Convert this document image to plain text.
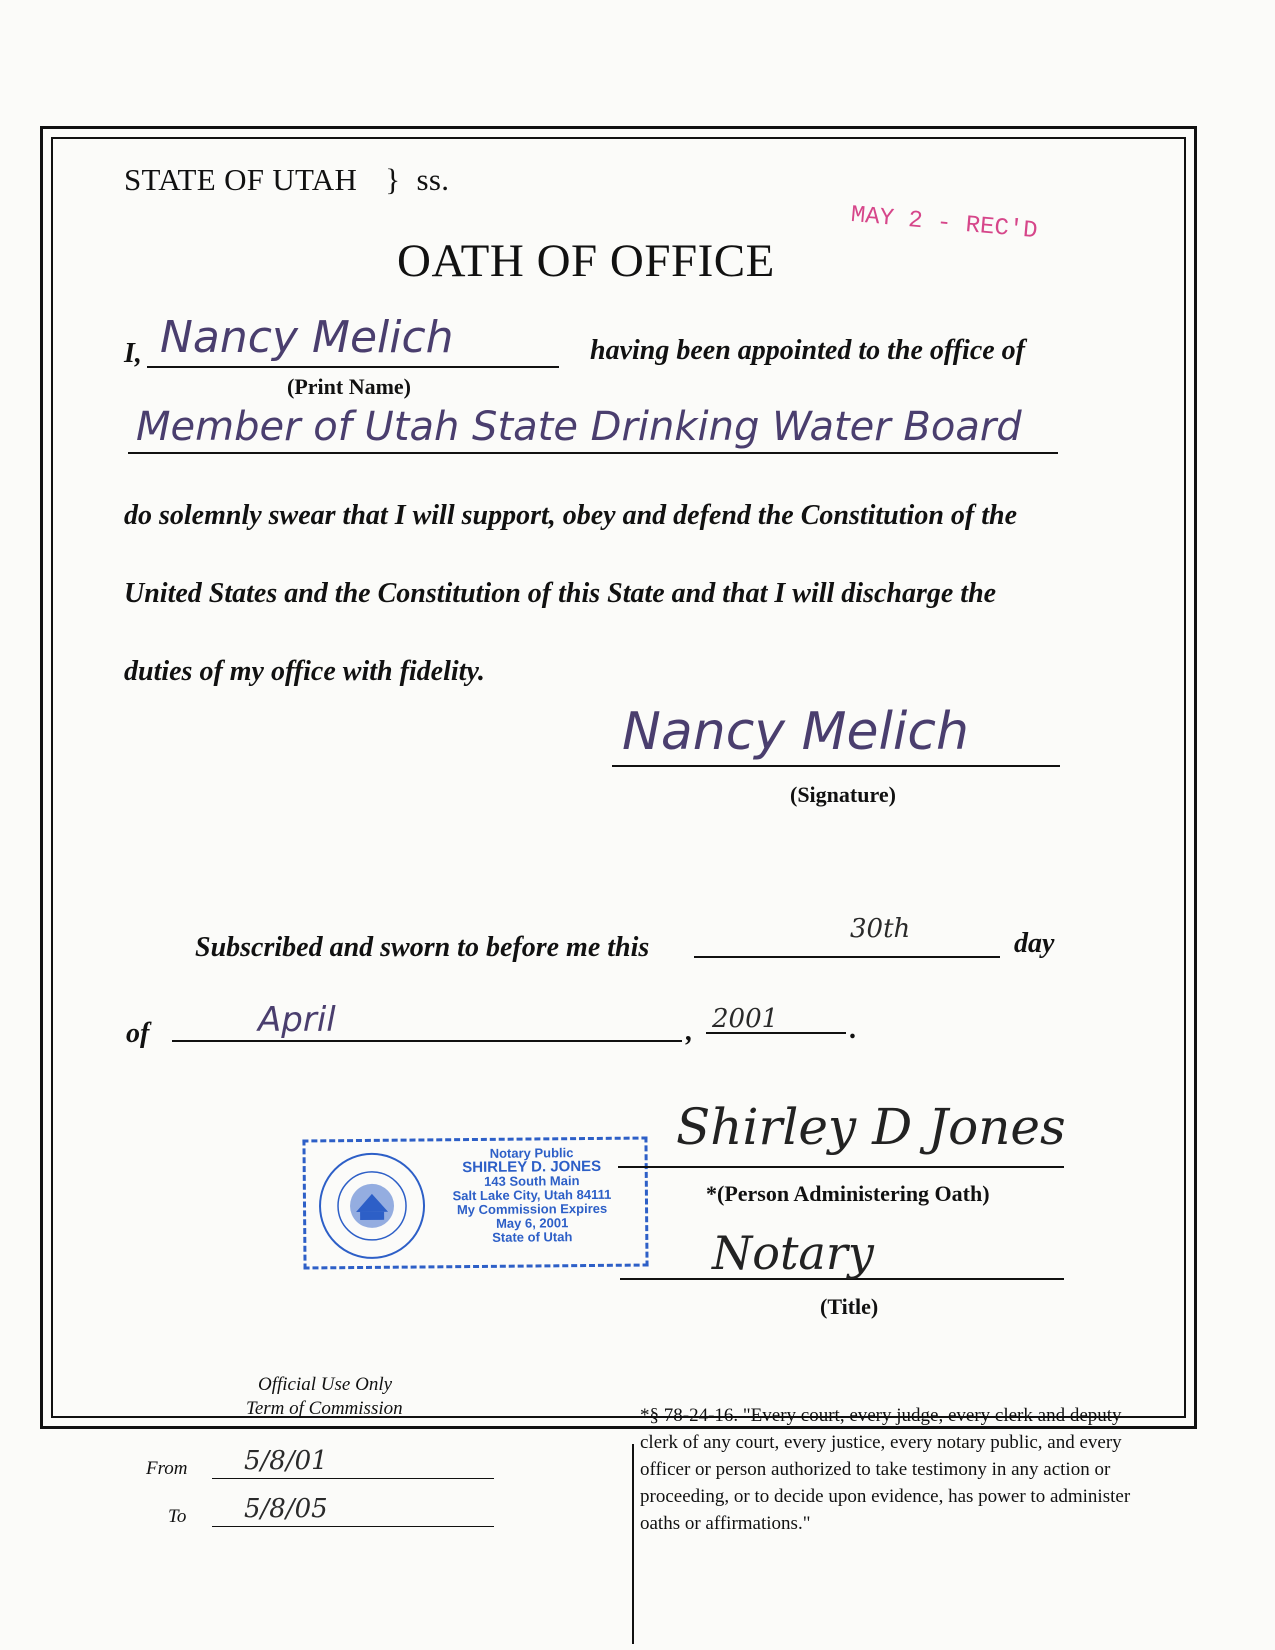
STATE OF UTAH } ss.
MAY 2 - REC'D
OATH OF OFFICE
I, Nancy Melich
(Print Name)
having been appointed to the office of
Member of Utah State Drinking Water Board
do solemnly swear that I will support, obey and defend the Constitution of the
United States and the Constitution of this State and that I will discharge the
duties of my office with fidelity.
Nancy Melich
(Signature)
Subscribed and sworn to before me this
30th	day
of	April	, 2001	.
Notary Public
SHIRLEY D. JONES
143 South Main
Salt Lake City, Utah 84111
My Commission Expires
May 6, 2001
State of Utah
Shirley D Jones
*(Person Administering Oath)
Notary
(Title)
Official Use Only
Term of Commission
From 5/8/01
To 5/8/05
*§ 78-24-16. "Every court, every judge, every clerk and deputy clerk of any court, every justice, every notary public, and every officer or person authorized to take testimony in any action or proceeding, or to decide upon evidence, has power to administer oaths or affirmations."
